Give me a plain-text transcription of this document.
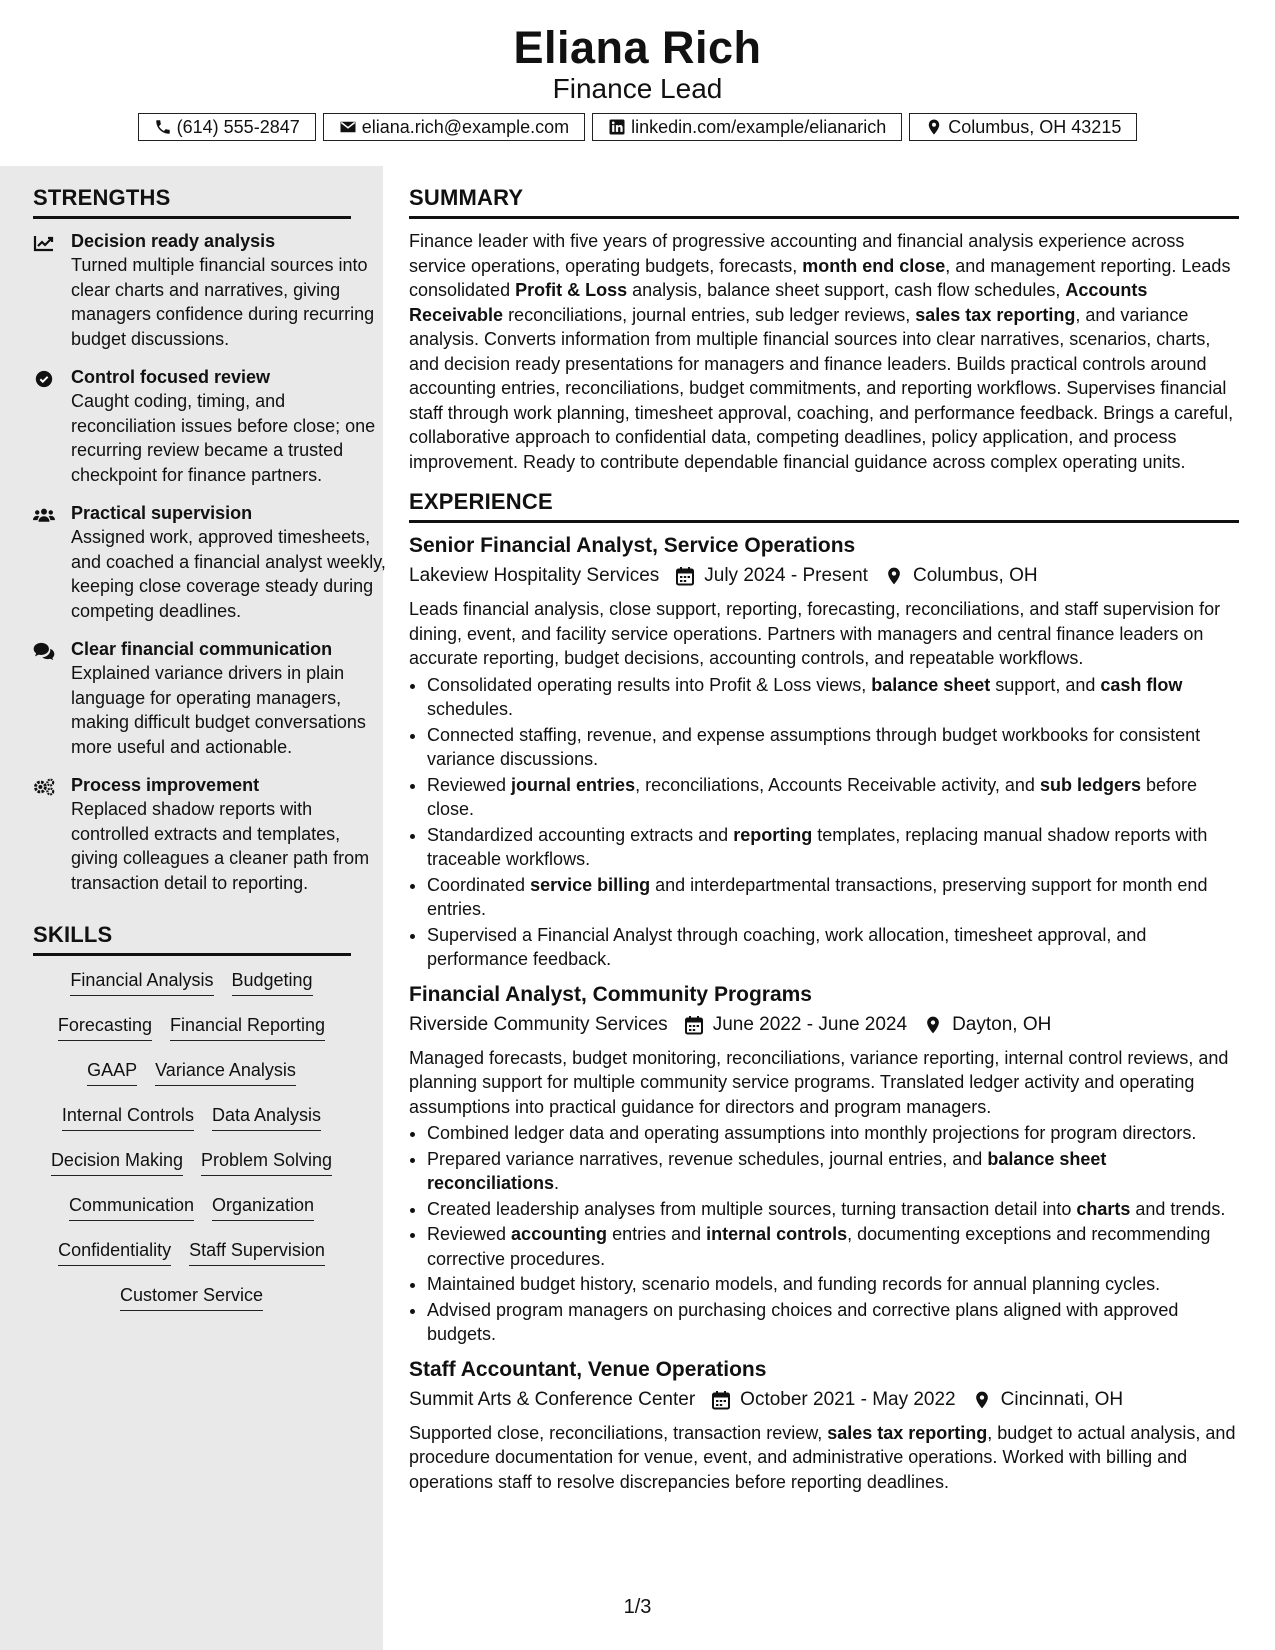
Eliana Rich
Finance Lead
(614) 555-2847	eliana.rich@example.com	linkedin.com/example/elianarich	Columbus, OH 43215
STRENGTHS
Decision ready analysis
Turned multiple financial sources into clear charts and narratives, giving managers confidence during recurring budget discussions.
Control focused review
Caught coding, timing, and reconciliation issues before close; one recurring review became a trusted checkpoint for finance partners.
Practical supervision
Assigned work, approved timesheets, and coached a financial analyst weekly, keeping close coverage steady during competing deadlines.
Clear financial communication
Explained variance drivers in plain language for operating managers, making difficult budget conversations more useful and actionable.
Process improvement
Replaced shadow reports with controlled extracts and templates, giving colleagues a cleaner path from transaction detail to reporting.
SKILLS
Financial Analysis Budgeting
Forecasting Financial Reporting
GAAP Variance Analysis
Internal Controls Data Analysis
Decision Making Problem Solving
Communication Organization
Confidentiality Staff Supervision
Customer Service
SUMMARY
Finance leader with five years of progressive accounting and financial analysis experience across service operations, operating budgets, forecasts, month end close, and management reporting. Leads consolidated Profit & Loss analysis, balance sheet support, cash flow schedules, Accounts Receivable reconciliations, journal entries, sub ledger reviews, sales tax reporting, and variance analysis. Converts information from multiple financial sources into clear narratives, scenarios, charts, and decision ready presentations for managers and finance leaders. Builds practical controls around accounting entries, reconciliations, budget commitments, and reporting workflows. Supervises financial staff through work planning, timesheet approval, coaching, and performance feedback. Brings a careful, collaborative approach to confidential data, competing deadlines, policy application, and process improvement. Ready to contribute dependable financial guidance across complex operating units.
EXPERIENCE
Senior Financial Analyst, Service Operations
Lakeview Hospitality Services July 2024 - Present Columbus, OH
Leads financial analysis, close support, reporting, forecasting, reconciliations, and staff supervision for dining, event, and facility service operations. Partners with managers and central finance leaders on accurate reporting, budget decisions, accounting controls, and repeatable workflows.
• Consolidated operating results into Profit & Loss views, balance sheet support, and cash flow schedules.
• Connected staffing, revenue, and expense assumptions through budget workbooks for consistent variance discussions.
• Reviewed journal entries, reconciliations, Accounts Receivable activity, and sub ledgers before close.
• Standardized accounting extracts and reporting templates, replacing manual shadow reports with traceable workflows.
• Coordinated service billing and interdepartmental transactions, preserving support for month end entries.
• Supervised a Financial Analyst through coaching, work allocation, timesheet approval, and performance feedback.
Financial Analyst, Community Programs
Riverside Community Services June 2022 - June 2024 Dayton, OH
Managed forecasts, budget monitoring, reconciliations, variance reporting, internal control reviews, and planning support for multiple community service programs. Translated ledger activity and operating assumptions into practical guidance for directors and program managers.
• Combined ledger data and operating assumptions into monthly projections for program directors.
• Prepared variance narratives, revenue schedules, journal entries, and balance sheet reconciliations.
• Created leadership analyses from multiple sources, turning transaction detail into charts and trends.
• Reviewed accounting entries and internal controls, documenting exceptions and recommending corrective procedures.
• Maintained budget history, scenario models, and funding records for annual planning cycles.
• Advised program managers on purchasing choices and corrective plans aligned with approved budgets.
Staff Accountant, Venue Operations
Summit Arts & Conference Center October 2021 - May 2022 Cincinnati, OH
Supported close, reconciliations, transaction review, sales tax reporting, budget to actual analysis, and procedure documentation for venue, event, and administrative operations. Worked with billing and operations staff to resolve discrepancies before reporting deadlines.
1/3
